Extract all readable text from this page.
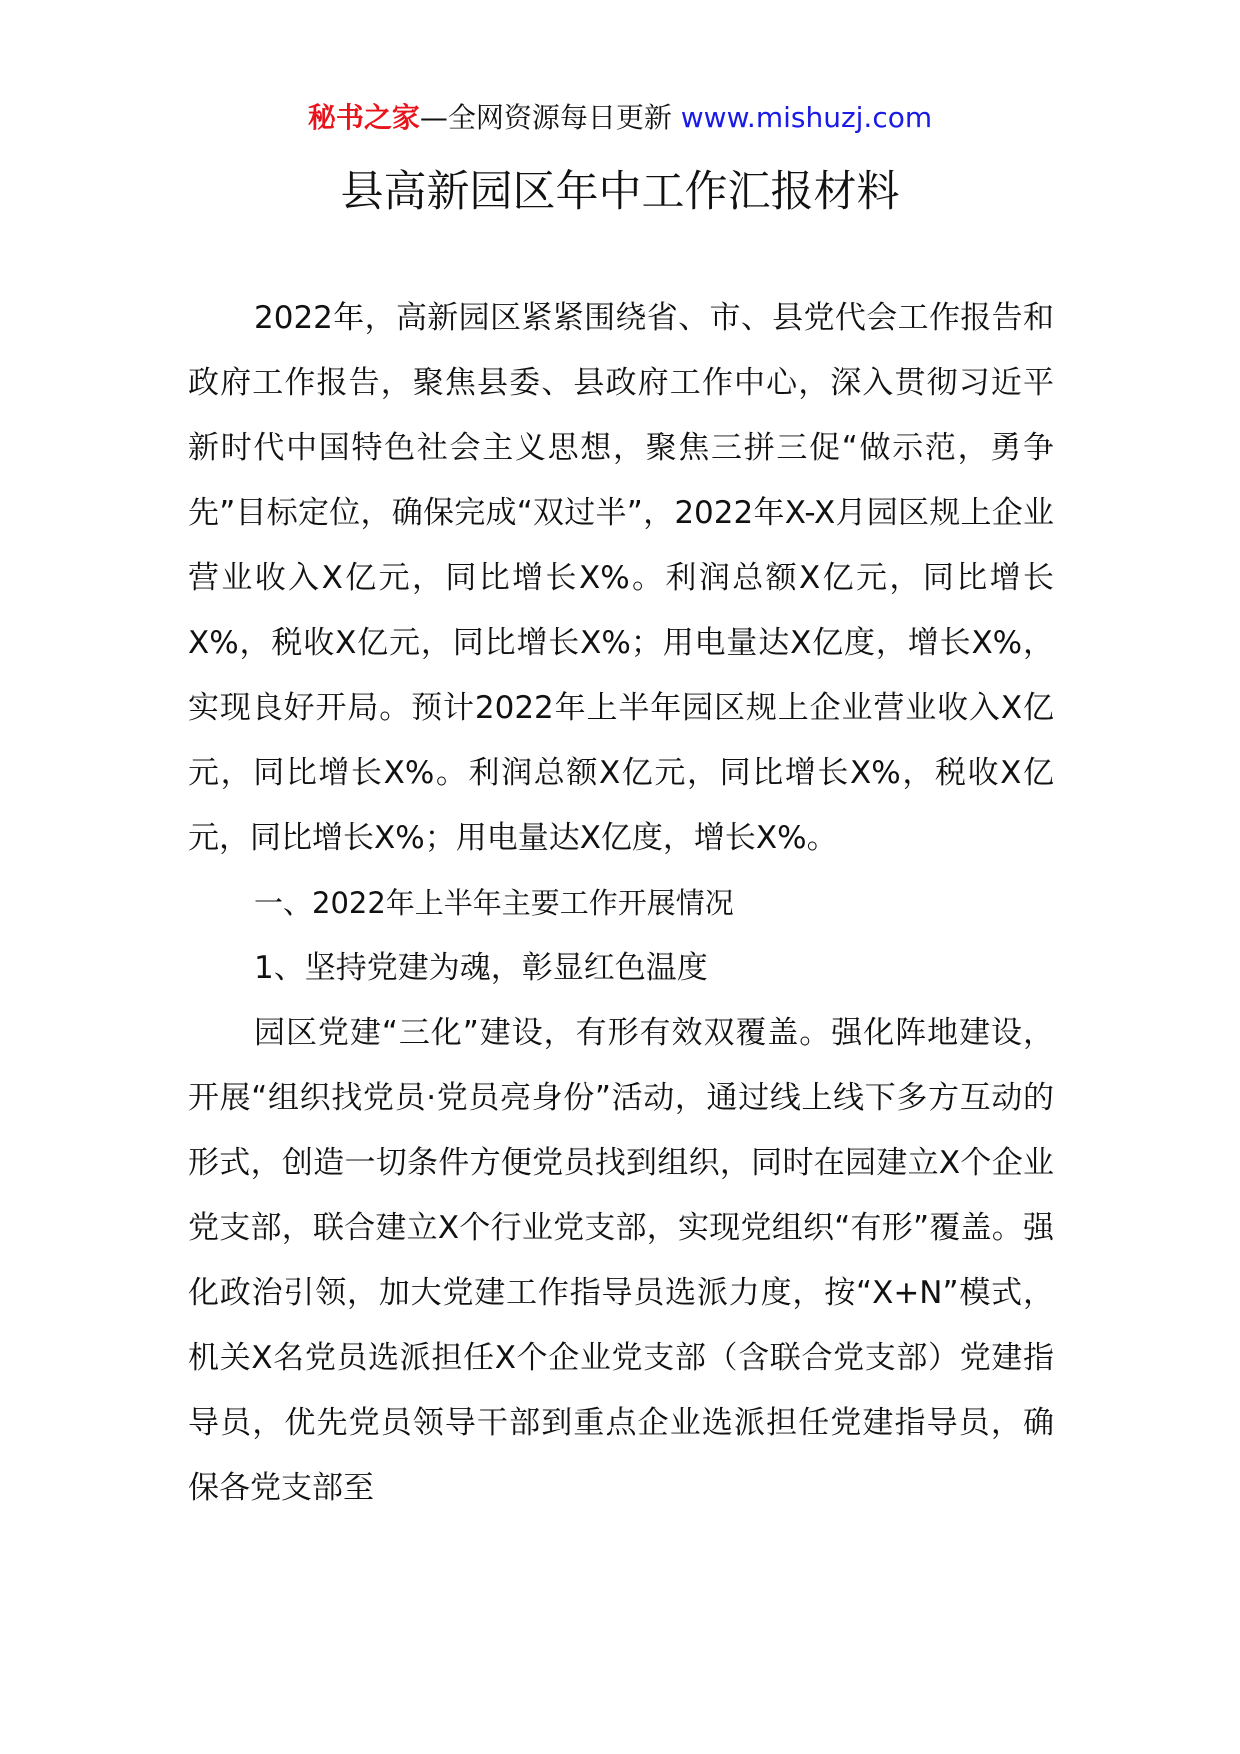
秘书之家—全网资源每日更新 www.mishuzj.com
县高新园区年中工作汇报材料

2022年，高新园区紧紧围绕省、市、县党代会工作报告和政府工作报告，聚焦县委、县政府工作中心，深入贯彻习近平新时代中国特色社会主义思想，聚焦三拼三促“做示范，勇争先”目标定位，确保完成“双过半”，2022年X-X月园区规上企业营业收入X亿元，同比增长X%。利润总额X亿元，同比增长X%，税收X亿元，同比增长X%；用电量达X亿度，增长X%，实现良好开局。预计2022年上半年园区规上企业营业收入X亿元，同比增长X%。利润总额X亿元，同比增长X%，税收X亿元，同比增长X%；用电量达X亿度，增长X%。

一、2022年上半年主要工作开展情况

1、坚持党建为魂，彰显红色温度

园区党建“三化”建设，有形有效双覆盖。强化阵地建设，开展“组织找党员·党员亮身份”活动，通过线上线下多方互动的形式，创造一切条件方便党员找到组织，同时在园建立X个企业党支部，联合建立X个行业党支部，实现党组织“有形”覆盖。强化政治引领，加大党建工作指导员选派力度，按“X+N”模式，机关X名党员选派担任X个企业党支部（含联合党支部）党建指导员，优先党员领导干部到重点企业选派担任党建指导员，确保各党支部至
